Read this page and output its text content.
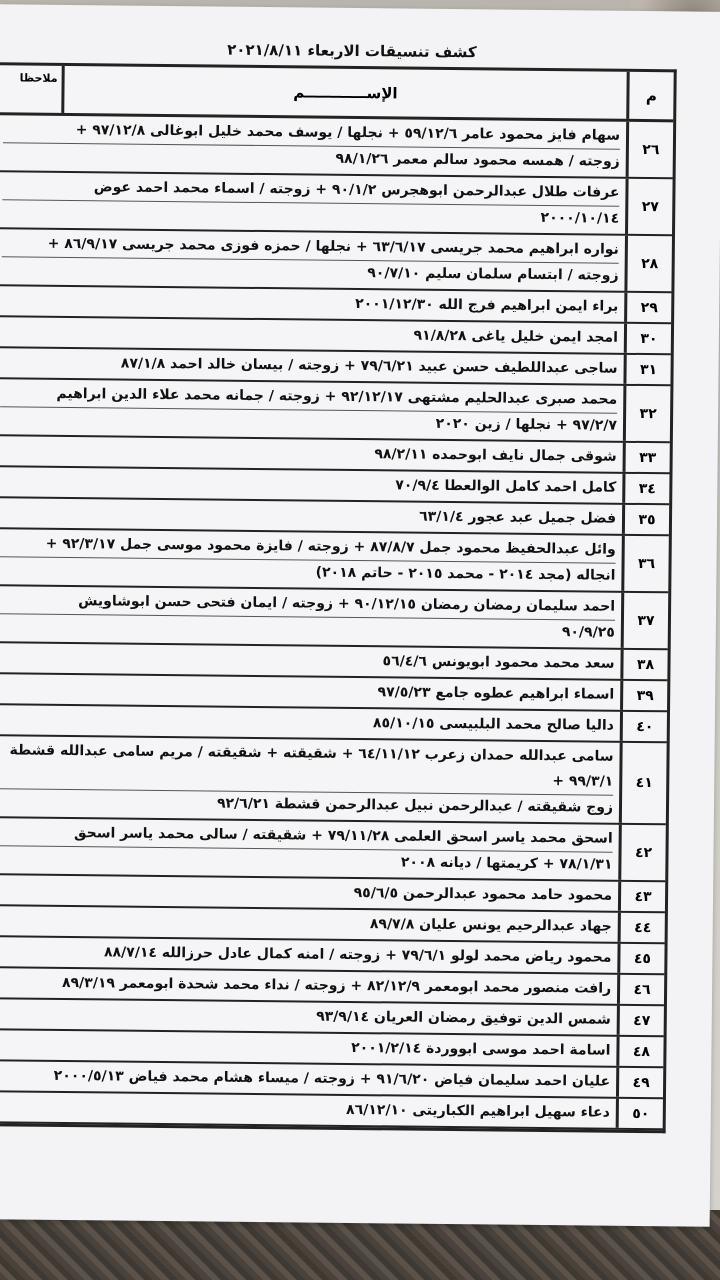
كشف تنسيقات الاربعاء ٢٠٢١/٨/١١
م
الإســــــــــــم
ملاحظا
٢٦
سهام فايز محمود عامر ٥٩/١٢/٦ + نجلها / يوسف محمد خليل ابوغالى ٩٧/١٢/٨ +
زوجته / همسه محمود سالم معمر ٩٨/١/٢٦
٢٧
عرفات طلال عبدالرحمن ابوهجرس ٩٠/١/٢ + زوجته / اسماء محمد احمد عوض
٢٠٠٠/١٠/١٤
٢٨
نواره ابراهيم محمد جريسى ٦٣/٦/١٧ + نجلها / حمزه فوزى محمد جريسى ٨٦/٩/١٧ +
زوجته / ابتسام سلمان سليم ٩٠/٧/١٠
٢٩
براء ايمن ابراهيم فرج الله ٢٠٠١/١٢/٣٠
٣٠
امجد ايمن خليل ياغى ٩١/٨/٢٨
٣١
ساجى عبداللطيف حسن عبيد ٧٩/٦/٢١ + زوجته / بيسان خالد احمد ٨٧/١/٨
٣٢
محمد صبرى عبدالحليم مشتهى ٩٢/١٢/١٧ + زوجته / جمانه محمد علاء الدين ابراهيم
٩٧/٢/٧ + نجلها / زين ٢٠٢٠
٣٣
شوقى جمال نايف ابوحمده ٩٨/٢/١١
٣٤
كامل احمد كامل الوالعطا ٧٠/٩/٤
٣٥
فضل جميل عبد عجور ٦٣/١/٤
٣٦
وائل عبدالحفيظ محمود جمل ٨٧/٨/٧ + زوجته / فايزة محمود موسى جمل ٩٢/٣/١٧ +
انجاله (مجد ٢٠١٤ - محمد ٢٠١٥ - حاتم ٢٠١٨)
٣٧
احمد سليمان رمضان رمضان ٩٠/١٢/١٥ + زوجته / ايمان فتحى حسن ابوشاويش
٩٠/٩/٢٥
٣٨
سعد محمد محمود ابويونس ٥٦/٤/٦
٣٩
اسماء ابراهيم عطوه جامع ٩٧/٥/٢٣
٤٠
داليا صالح محمد البلبيسى ٨٥/١٠/١٥
٤١
سامى عبدالله حمدان زعرب ٦٤/١١/١٢ + شقيقته + شقيقته / مريم سامى عبدالله قشطة ٩٩/٣/١ +
زوج شقيقته / عبدالرحمن نبيل عبدالرحمن قشطة ٩٢/٦/٢١
٤٢
اسحق محمد ياسر اسحق العلمى ٧٩/١١/٢٨ + شقيقته / سالى محمد ياسر اسحق
٧٨/١/٣١ + كريمتها / ديانه ٢٠٠٨
٤٣
محمود حامد محمود عبدالرحمن ٩٥/٦/٥
٤٤
جهاد عبدالرحيم يونس عليان ٨٩/٧/٨
٤٥
محمود رياض محمد لولو ٧٩/٦/١ + زوجته / امنه كمال عادل حرزالله ٨٨/٧/١٤
٤٦
رافت منصور محمد ابومعمر ٨٢/١٢/٩ + زوجته / نداء محمد شحدة ابومعمر ٨٩/٣/١٩
٤٧
شمس الدين توفيق رمضان العريان ٩٣/٩/١٤
٤٨
اسامة احمد موسى ابووردة ٢٠٠١/٢/١٤
٤٩
عليان احمد سليمان فياض ٩١/٦/٢٠ + زوجته / ميساء هشام محمد فياض ٢٠٠٠/٥/١٣
٥٠
دعاء سهيل ابراهيم الكباريتى ٨٦/١٢/١٠
